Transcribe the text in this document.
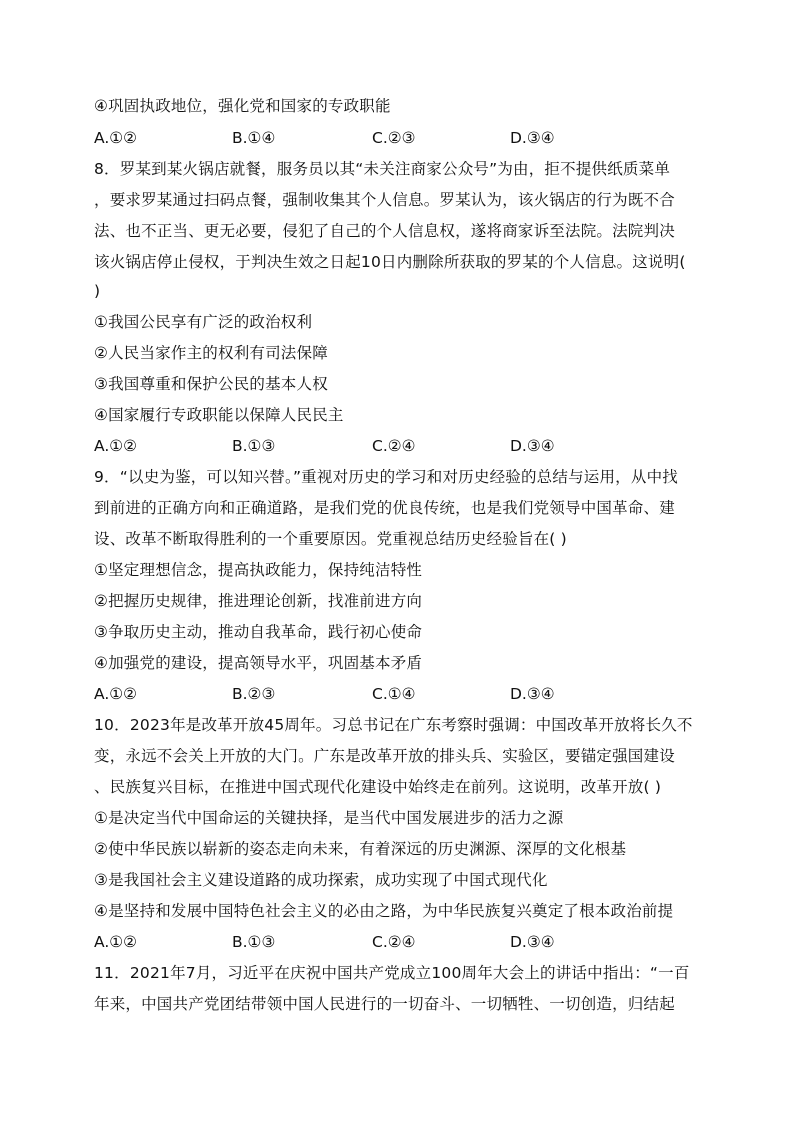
④巩固执政地位，强化党和国家的专政职能
A.①②	B.①④	C.②③	D.③④
8．罗某到某火锅店就餐，服务员以其“未关注商家公众号”为由，拒不提供纸质菜单
，要求罗某通过扫码点餐，强制收集其个人信息。罗某认为，该火锅店的行为既不合
法、也不正当、更无必要，侵犯了自己的个人信息权，遂将商家诉至法院。法院判决
该火锅店停止侵权，于判决生效之日起10日内删除所获取的罗某的个人信息。这说明(
)
①我国公民享有广泛的政治权利
②人民当家作主的权利有司法保障
③我国尊重和保护公民的基本人权
④国家履行专政职能以保障人民民主
A.①②	B.①③	C.②④	D.③④
9．“以史为鉴，可以知兴替。”重视对历史的学习和对历史经验的总结与运用，从中找
到前进的正确方向和正确道路，是我们党的优良传统，也是我们党领导中国革命、建
设、改革不断取得胜利的一个重要原因。党重视总结历史经验旨在( )
①坚定理想信念，提高执政能力，保持纯洁特性
②把握历史规律，推进理论创新，找准前进方向
③争取历史主动，推动自我革命，践行初心使命
④加强党的建设，提高领导水平，巩固基本矛盾
A.①②	B.②③	C.①④	D.③④
10．2023年是改革开放45周年。习总书记在广东考察时强调：中国改革开放将长久不
变，永远不会关上开放的大门。广东是改革开放的排头兵、实验区，要锚定强国建设
、民族复兴目标，在推进中国式现代化建设中始终走在前列。这说明，改革开放( )
①是决定当代中国命运的关键抉择，是当代中国发展进步的活力之源
②使中华民族以崭新的姿态走向未来，有着深远的历史渊源、深厚的文化根基
③是我国社会主义建设道路的成功探索，成功实现了中国式现代化
④是坚持和发展中国特色社会主义的必由之路，为中华民族复兴奠定了根本政治前提
A.①②	B.①③	C.②④	D.③④
11．2021年7月，习近平在庆祝中国共产党成立100周年大会上的讲话中指出：“一百
年来，中国共产党团结带领中国人民进行的一切奋斗、一切牺牲、一切创造，归结起
